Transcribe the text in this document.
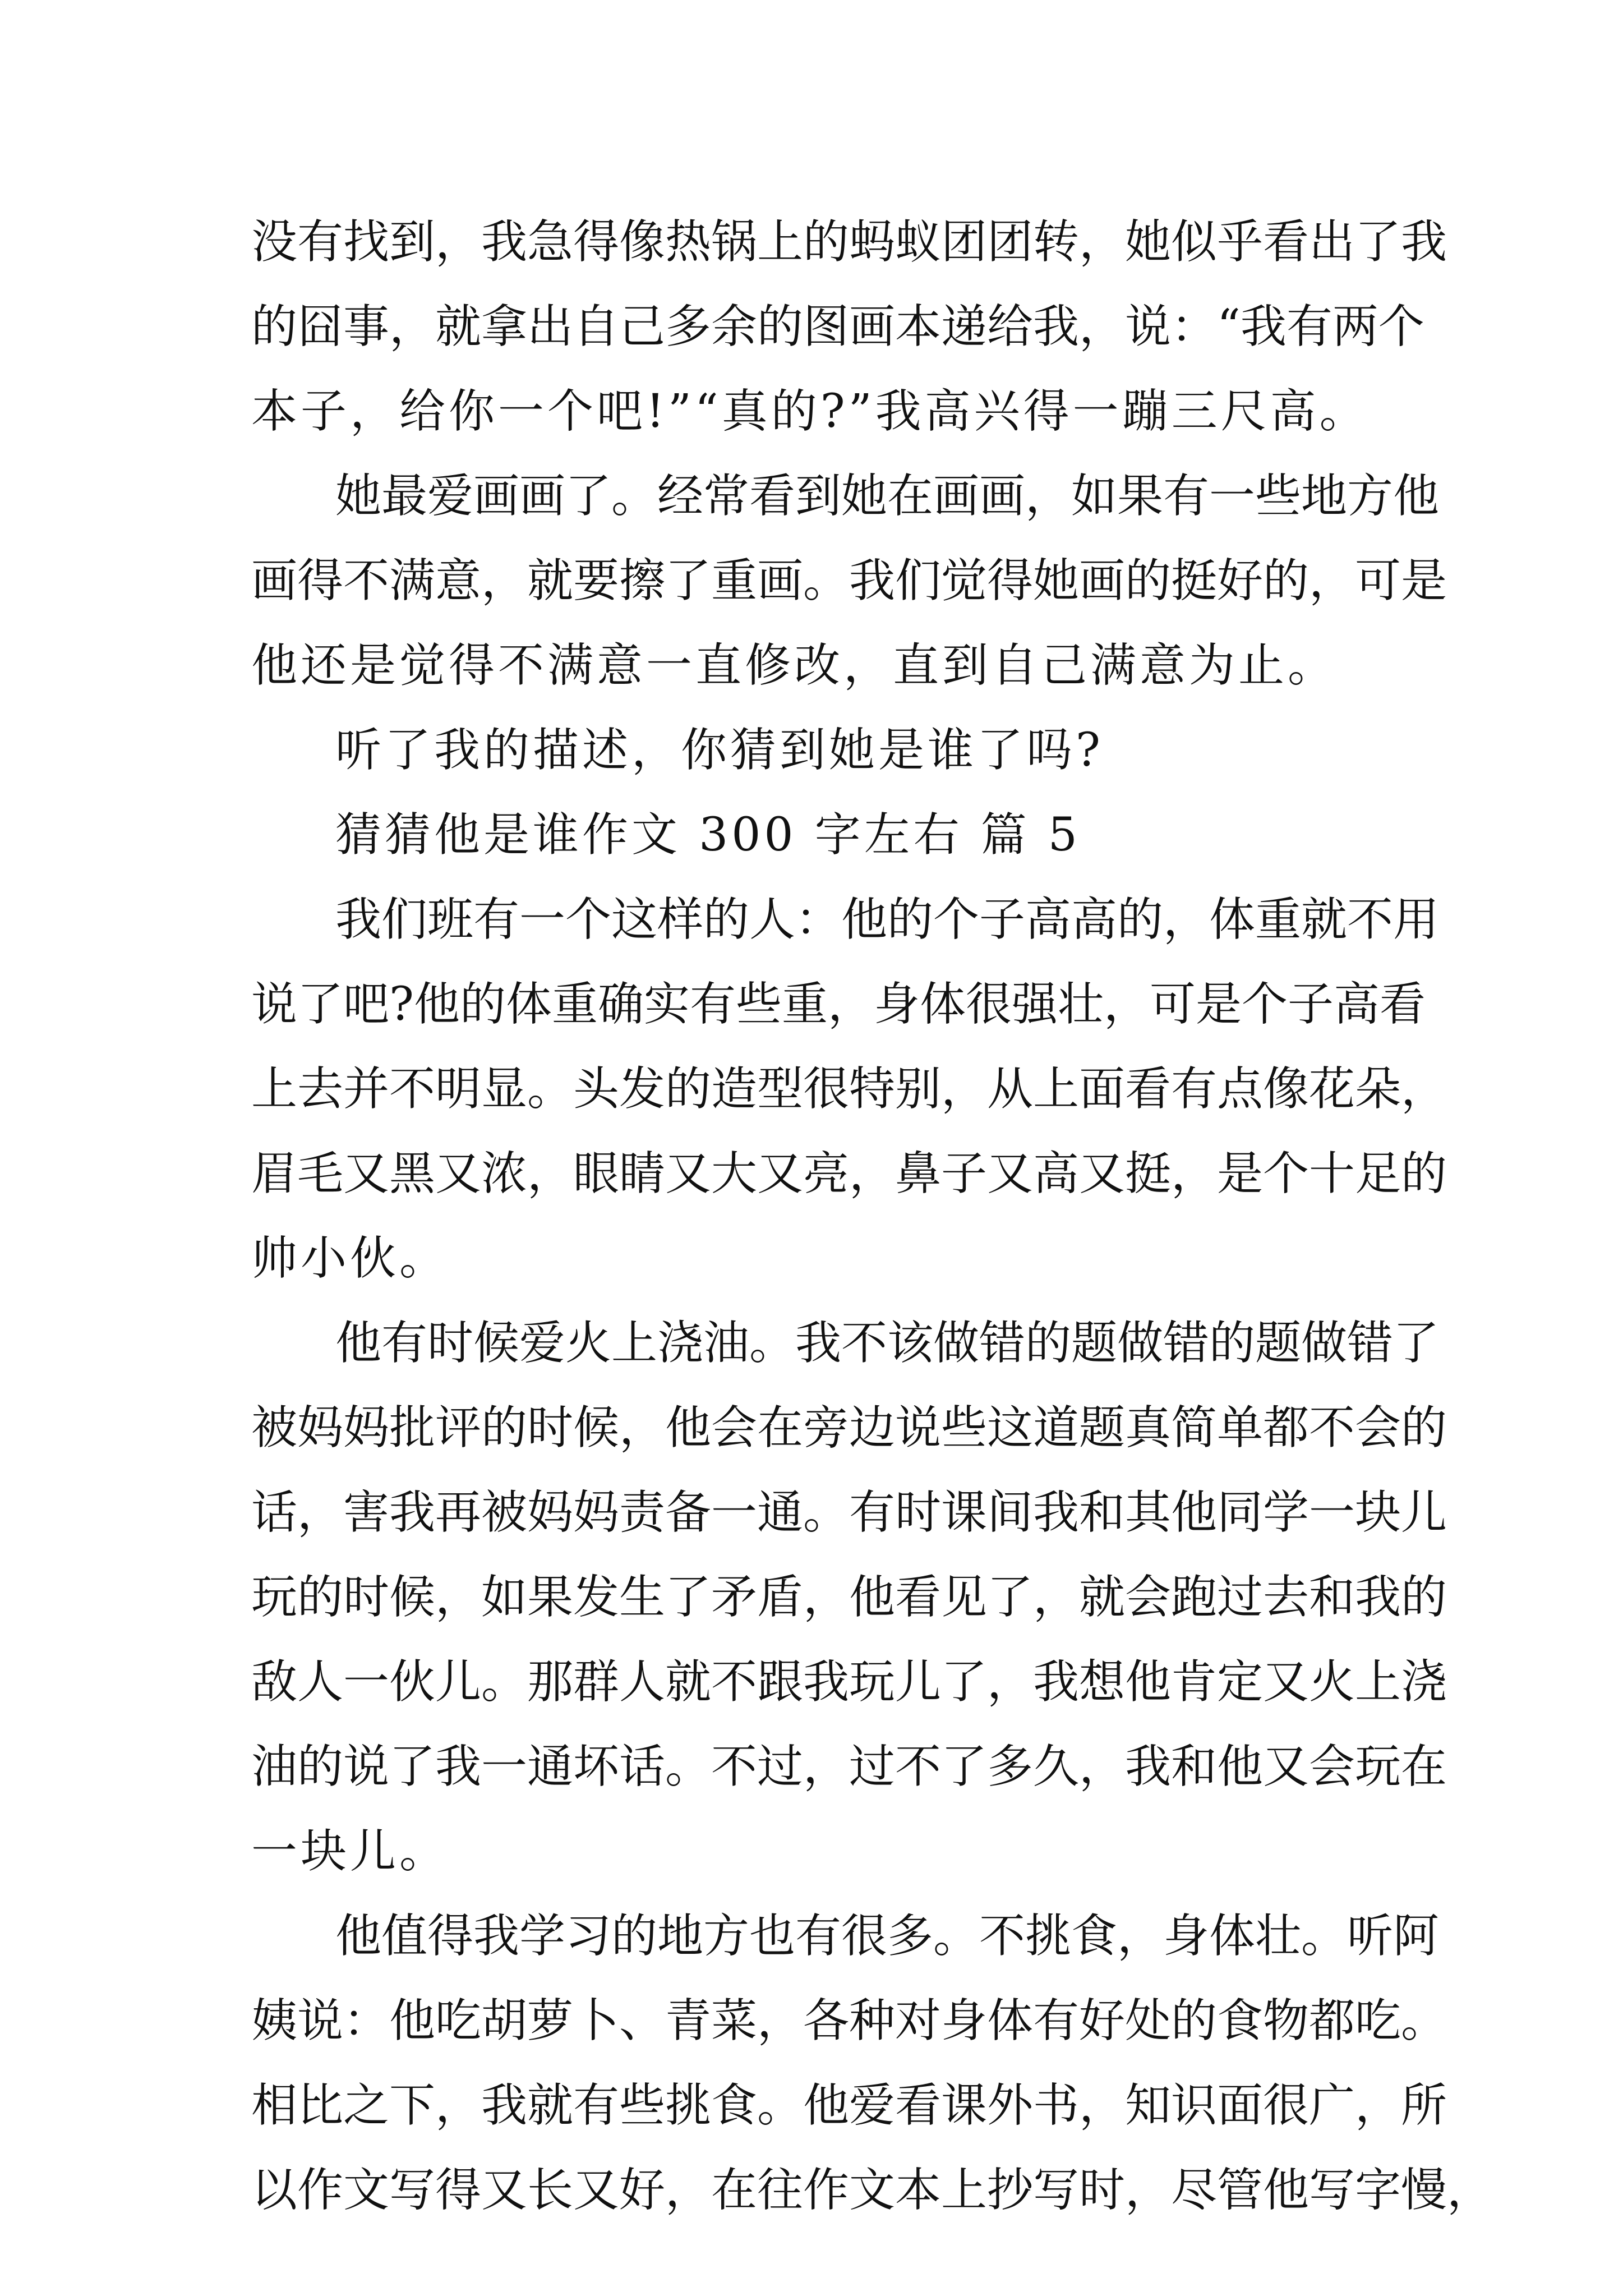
没有找到，我急得像热锅上的蚂蚁团团转，她似乎看出了我
的囧事，就拿出自己多余的图画本递给我，说：“我有两个
本子，给你一个吧!”“真的?”我高兴得一蹦三尺高。
她最爱画画了。经常看到她在画画，如果有一些地方他
画得不满意，就要擦了重画。我们觉得她画的挺好的，可是
他还是觉得不满意一直修改，直到自己满意为止。
听了我的描述，你猜到她是谁了吗?
猜猜他是谁作文 300 字左右 篇 5
我们班有一个这样的人：他的个子高高的，体重就不用
说了吧?他的体重确实有些重，身体很强壮，可是个子高看
上去并不明显。头发的造型很特别，从上面看有点像花朵，
眉毛又黑又浓，眼睛又大又亮，鼻子又高又挺，是个十足的
帅小伙。
他有时候爱火上浇油。我不该做错的题做错的题做错了
被妈妈批评的时候，他会在旁边说些这道题真简单都不会的
话，害我再被妈妈责备一通。有时课间我和其他同学一块儿
玩的时候，如果发生了矛盾，他看见了，就会跑过去和我的
敌人一伙儿。那群人就不跟我玩儿了，我想他肯定又火上浇
油的说了我一通坏话。不过，过不了多久，我和他又会玩在
一块儿。
他值得我学习的地方也有很多。不挑食，身体壮。听阿
姨说：他吃胡萝卜、青菜，各种对身体有好处的食物都吃。
相比之下，我就有些挑食。他爱看课外书，知识面很广，所
以作文写得又长又好，在往作文本上抄写时，尽管他写字慢，
